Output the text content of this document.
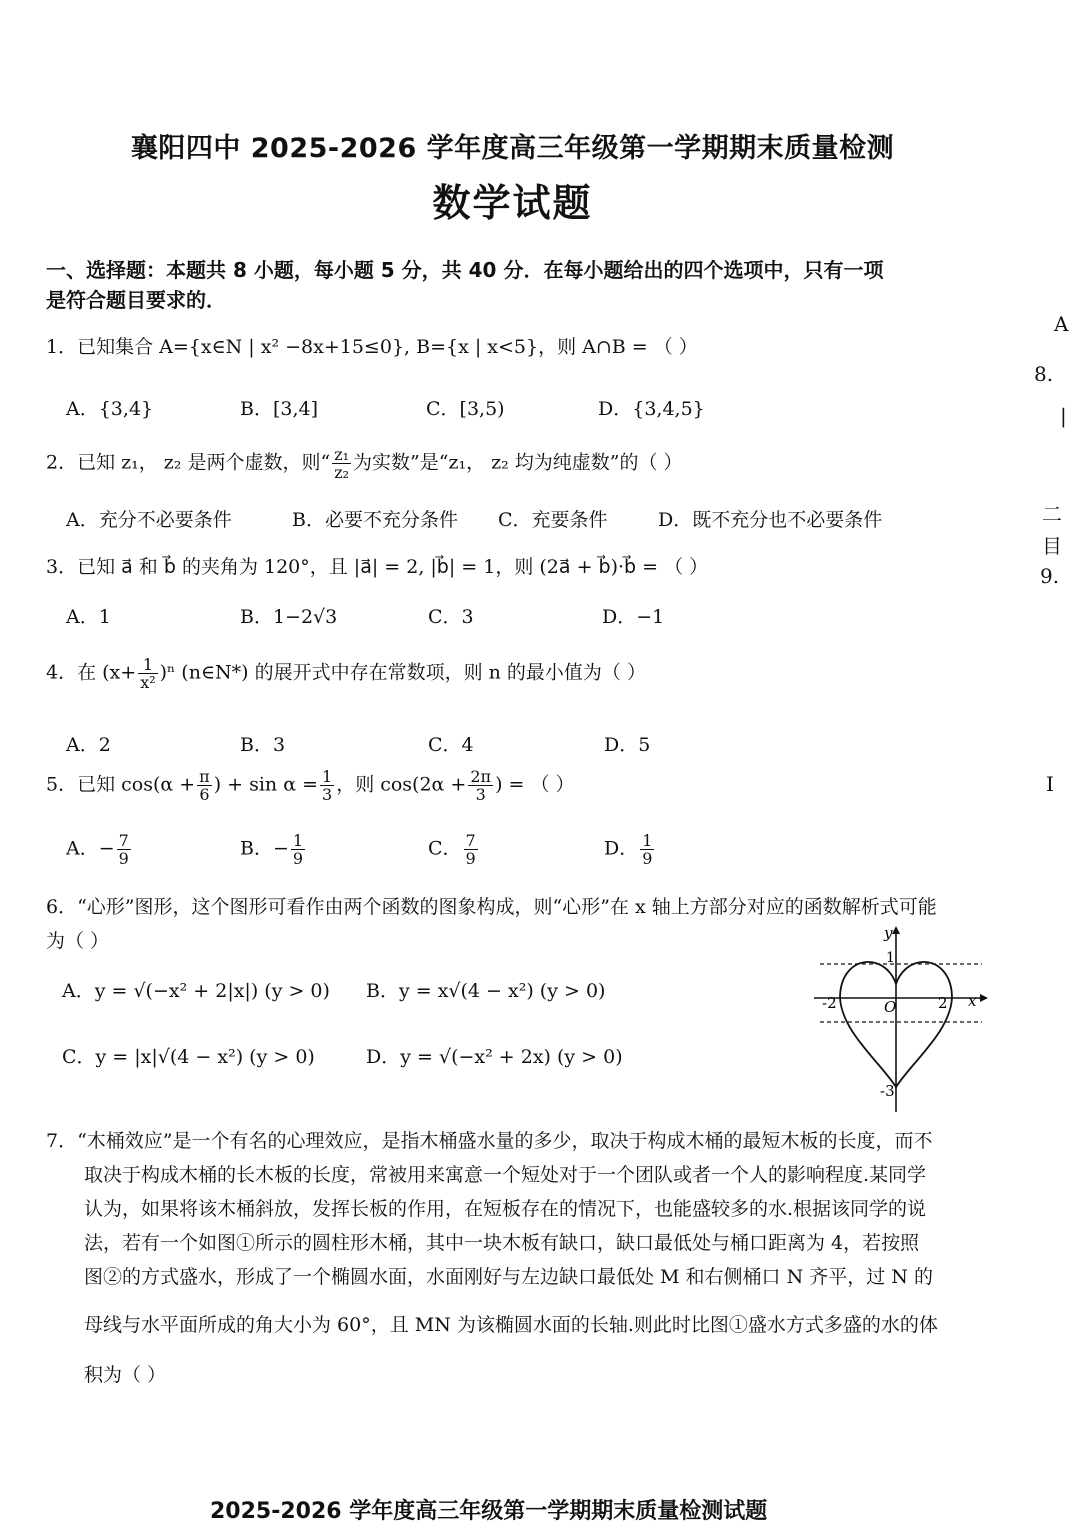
襄阳四中 2025-2026 学年度高三年级第一学期期末质量检测
数学试题
一、选择题：本题共 8 小题，每小题 5 分，共 40 分．在每小题给出的四个选项中，只有一项
是符合题目要求的．
1．已知集合 A={x∈N | x² −8x+15≤0}, B={x | x<5}，则 A∩B = （ ）
A．{3,4}	B．[3,4]	C．[3,5)	D．{3,4,5}
2．已知 z₁， z₂ 是两个虚数，则“ $\frac{\text{z₁}}{\text{z₂}}$ 为实数”是“z₁， z₂ 均为纯虚数”的（ ）
A．充分不必要条件	B．必要不充分条件 C．充要条件	D．既不充分也不必要条件
3．已知 a⃗ 和 b⃗ 的夹角为 120°，且 |a⃗| = 2, |b⃗| = 1，则 (2a⃗ + b⃗)·b⃗ = （ ）
A．1	B．1−2√3	C．3	D．−1
4．在 $(x+ \frac{1}{\text{x²}} )^n$ (n∈N*) 的展开式中存在常数项，则 n 的最小值为（ ）
A．2	B．3	C．4	D．5
5．已知 $\cos(\alpha + \frac{\pi}{6}$ ) + $\sin \alpha = \frac{1}{3}$ ，则 $\cos(2\alpha + \frac{2\pi}{3}$ ) = （ ）
A．− $\frac{7}{9}$	B．− $\frac{1}{9}$	C． $\frac{7}{9}$	D． $\frac{1}{9}$
6．“心形”图形，这个图形可看作由两个函数的图象构成，则“心形”在 x 轴上方部分对应的函数解析式可能
为（ ）
A．y = √(−x² + 2|x|) (y > 0) B．y = x√(4 − x²) (y > 0)
C．y = |x|√(4 − x²) (y > 0)	D．y = √(−x² + 2x) (y > 0)
y
x
O
-2	2
1
-3
7．“木桶效应”是一个有名的心理效应，是指木桶盛水量的多少，取决于构成木桶的最短木板的长度，而不
取决于构成木桶的长木板的长度，常被用来寓意一个短处对于一个团队或者一个人的影响程度.某同学
认为，如果将该木桶斜放，发挥长板的作用，在短板存在的情况下，也能盛较多的水.根据该同学的说
法，若有一个如图①所示的圆柱形木桶，其中一块木板有缺口，缺口最低处与桶口距离为 4，若按照
图②的方式盛水，形成了一个椭圆水面，水面刚好与左边缺口最低处 M 和右侧桶口 N 齐平，过 N 的
母线与水平面所成的角大小为 60°，且 MN 为该椭圆水面的长轴.则此时比图①盛水方式多盛的水的体
积为（ ）
A
8.
|
二
目
9.
I
2025-2026 学年度高三年级第一学期期末质量检测试题
